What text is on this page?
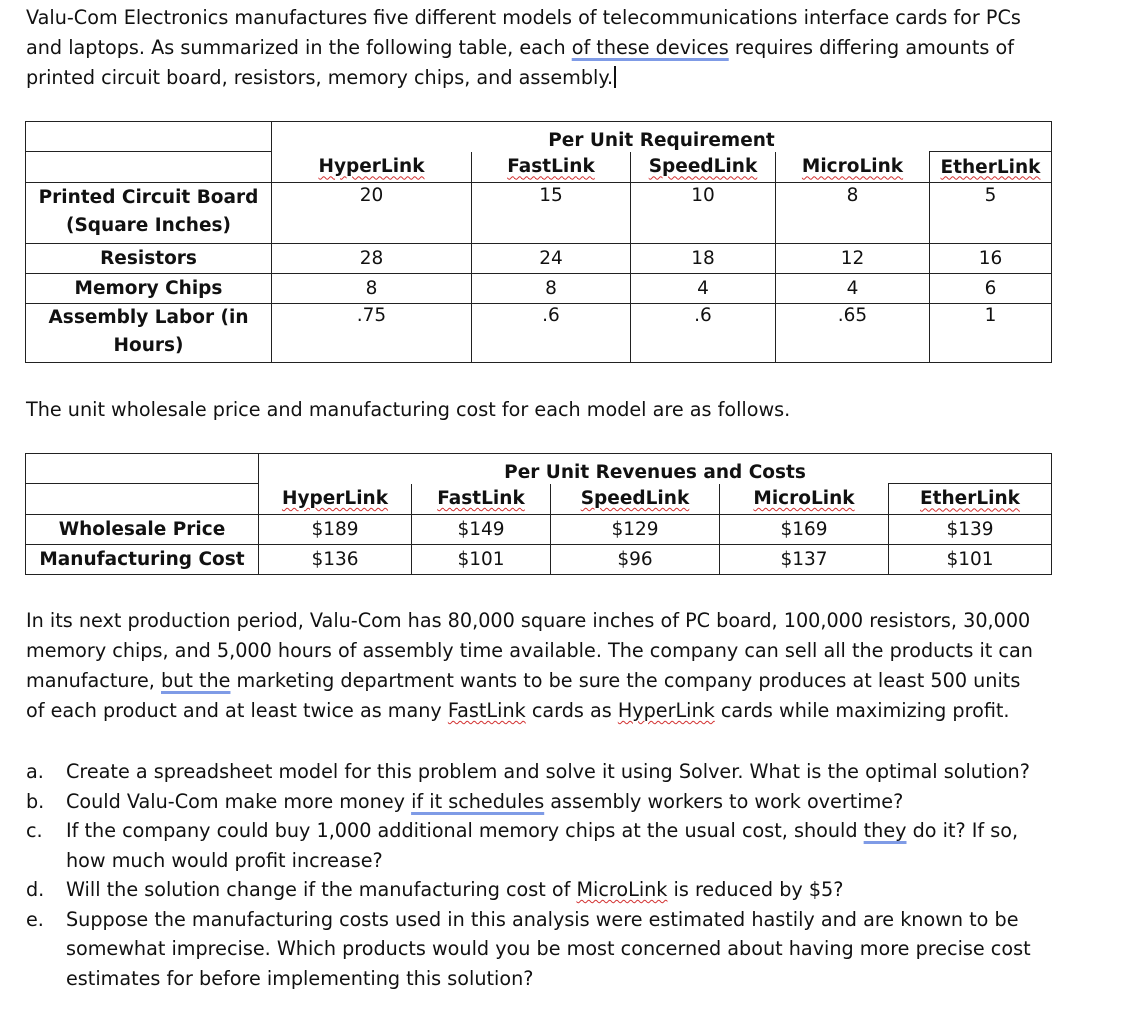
Valu-Com Electronics manufactures five different models of telecommunications interface cards for PCs
and laptops. As summarized in the following table, each of these devices requires differing amounts of
printed circuit board, resistors, memory chips, and assembly.
	Per Unit Requirement				
	HyperLink	FastLink	SpeedLink	MicroLink	EtherLink

Printed Circuit Board
(Square Inches)	20	15	10	8	5
Resistors	28	24	18	12	16
Memory Chips	8	8	4	4	6

Assembly Labor (in
Hours)	.75	.6	.6	.65	1
The unit wholesale price and manufacturing cost for each model are as follows.
	Per Unit Revenues and Costs				
	HyperLink	FastLink	SpeedLink	MicroLink	EtherLink
Wholesale Price	$189	$149	$129	$169	$139
Manufacturing Cost	$136	$101	$96	$137	$101
In its next production period, Valu-Com has 80,000 square inches of PC board, 100,000 resistors, 30,000
memory chips, and 5,000 hours of assembly time available. The company can sell all the products it can
manufacture, but the marketing department wants to be sure the company produces at least 500 units
of each product and at least twice as many FastLink cards as HyperLink cards while maximizing profit.
a. Create a spreadsheet model for this problem and solve it using Solver. What is the optimal solution?
b. Could Valu-Com make more money if it schedules assembly workers to work overtime?
c. If the company could buy 1,000 additional memory chips at the usual cost, should they do it? If so,
how much would profit increase?
d. Will the solution change if the manufacturing cost of MicroLink is reduced by $5?
e. Suppose the manufacturing costs used in this analysis were estimated hastily and are known to be
somewhat imprecise. Which products would you be most concerned about having more precise cost
estimates for before implementing this solution?
